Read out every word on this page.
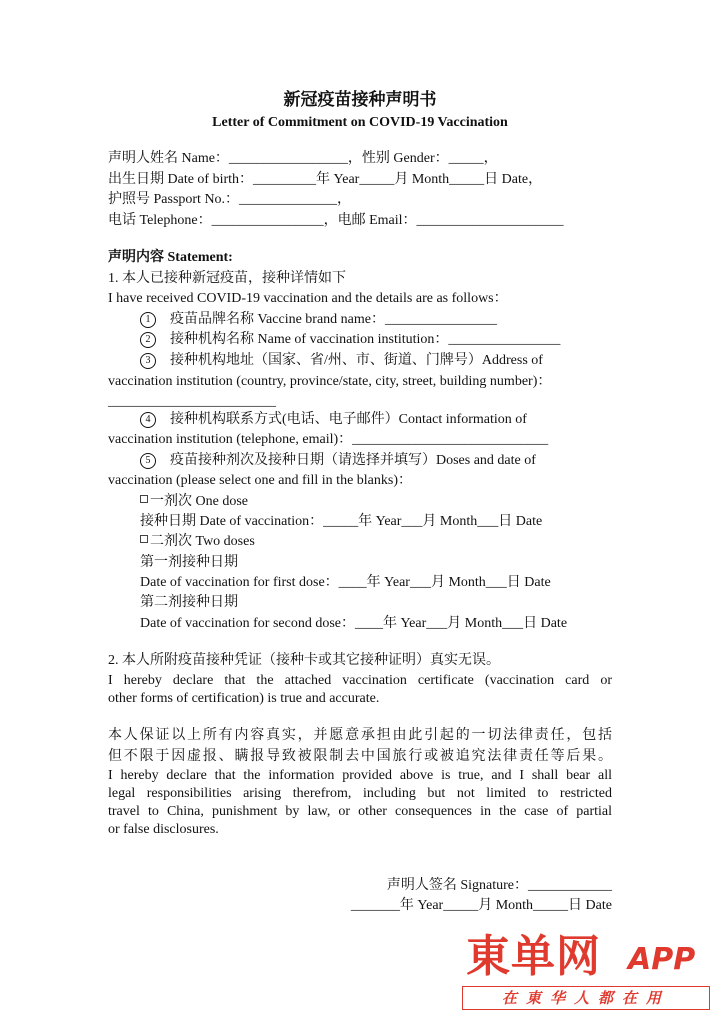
新冠疫苗接种声明书
Letter of Commitment on COVID-19 Vaccination
声明人姓名 Name：_________________，性别 Gender：_____，
出生日期 Date of birth：_________年 Year_____月 Month_____日 Date，
护照号 Passport No.：______________，
电话 Telephone：________________，电邮 Email：_____________________
声明内容 Statement:
1. 本人已接种新冠疫苗，接种详情如下
I have received COVID-19 vaccination and the details are as follows：
1 疫苗品牌名称 Vaccine brand name：________________
2 接种机构名称 Name of vaccination institution：________________
3 接种机构地址（国家、省/州、市、街道、门牌号）Address of
vaccination institution (country, province/state, city, street, building number)：
________________________
4 接种机构联系方式(电话、电子邮件）Contact information of
vaccination institution (telephone, email)：____________________________
5 疫苗接种剂次及接种日期（请选择并填写）Doses and date of
vaccination (please select one and fill in the blanks)：
一剂次 One dose
接种日期 Date of vaccination：_____年 Year___月 Month___日 Date
二剂次 Two doses
第一剂接种日期
Date of vaccination for first dose：____年 Year___月 Month___日 Date
第二剂接种日期
Date of vaccination for second dose：____年 Year___月 Month___日 Date
2. 本人所附疫苗接种凭证（接种卡或其它接种证明）真实无误。
I hereby declare that the attached vaccination certificate (vaccination card or
other forms of certification) is true and accurate.
本人保证以上所有内容真实，并愿意承担由此引起的一切法律责任，包括
但不限于因虚报、瞒报导致被限制去中国旅行或被追究法律责任等后果。
I hereby declare that the information provided above is true, and I shall bear all
legal responsibilities arising therefrom, including but not limited to restricted
travel to China, punishment by law, or other consequences in the case of partial
or false disclosures.
声明人签名 Signature：____________
_______年 Year_____月 Month_____日 Date
東单网 APP
在東华人都在用
